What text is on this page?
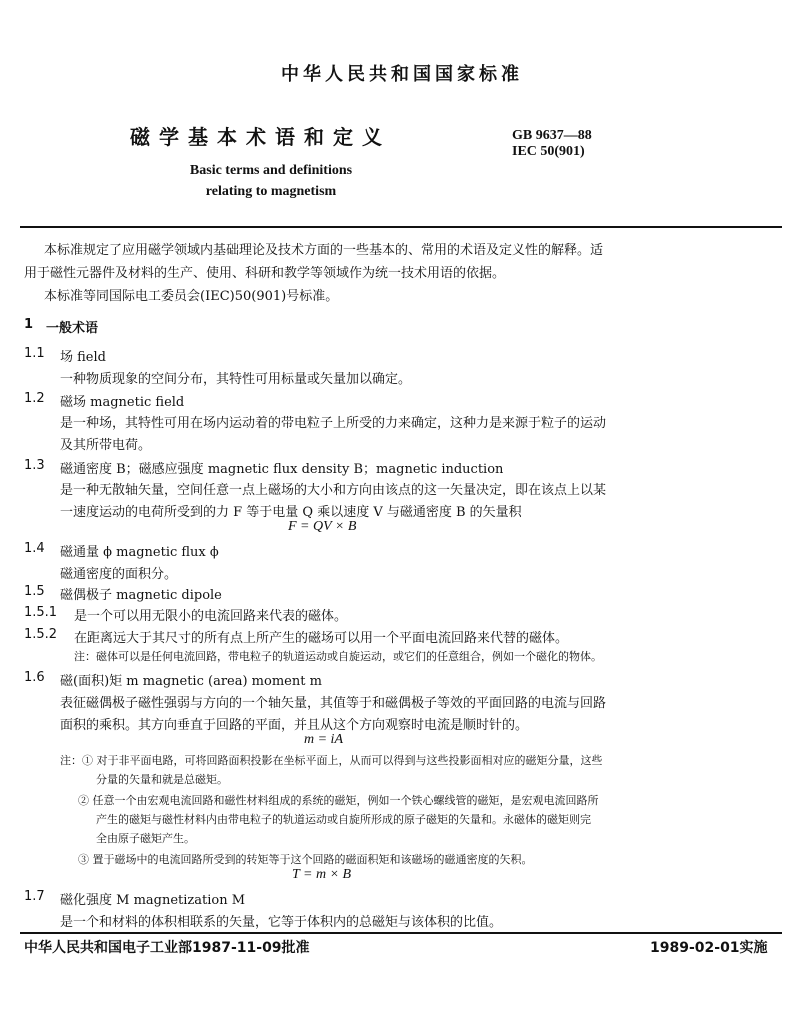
中华人民共和国国家标准
磁学基本术语和定义	GB 9637—88
IEC 50(901)
Basic terms and definitions
relating to magnetism
本标准规定了应用磁学领域内基础理论及技术方面的一些基本的、常用的术语及定义性的解释。适
用于磁性元器件及材料的生产、使用、科研和教学等领域作为统一技术用语的依据。
本标准等同国际电工委员会(IEC)50(901)号标准。
1 一般术语
1.1 场 field
一种物质现象的空间分布，其特性可用标量或矢量加以确定。
1.2 磁场 magnetic field
是一种场，其特性可用在场内运动着的带电粒子上所受的力来确定，这种力是来源于粒子的运动
及其所带电荷。
1.3 磁通密度 B；磁感应强度 magnetic flux density B；magnetic induction
是一种无散轴矢量，空间任意一点上磁场的大小和方向由该点的这一矢量决定，即在该点上以某
一速度运动的电荷所受到的力 F 等于电量 Q 乘以速度 V 与磁通密度 B 的矢量积
F = QV × B
1.4 磁通量 ϕ magnetic flux ϕ
磁通密度的面积分。
1.5 磁偶极子 magnetic dipole
1.5.1 是一个可以用无限小的电流回路来代表的磁体。
1.5.2 在距离远大于其尺寸的所有点上所产生的磁场可以用一个平面电流回路来代替的磁体。
注：磁体可以是任何电流回路，带电粒子的轨道运动或自旋运动，或它们的任意组合，例如一个磁化的物体。
1.6 磁(面积)矩 m magnetic (area) moment m
表征磁偶极子磁性强弱与方向的一个轴矢量，其值等于和磁偶极子等效的平面回路的电流与回路
面积的乘积。其方向垂直于回路的平面，并且从这个方向观察时电流是顺时针的。
m = iA
注：① 对于非平面电路，可将回路面积投影在坐标平面上，从而可以得到与这些投影面相对应的磁矩分量，这些
分量的矢量和就是总磁矩。
② 任意一个由宏观电流回路和磁性材料组成的系统的磁矩，例如一个铁心螺线管的磁矩，是宏观电流回路所
产生的磁矩与磁性材料内由带电粒子的轨道运动或自旋所形成的原子磁矩的矢量和。永磁体的磁矩则完
全由原子磁矩产生。
③ 置于磁场中的电流回路所受到的转矩等于这个回路的磁面积矩和该磁场的磁通密度的矢积。
T = m × B
1.7 磁化强度 M magnetization M
是一个和材料的体积相联系的矢量，它等于体积内的总磁矩与该体积的比值。
中华人民共和国电子工业部1987-11-09批准	1989-02-01实施
